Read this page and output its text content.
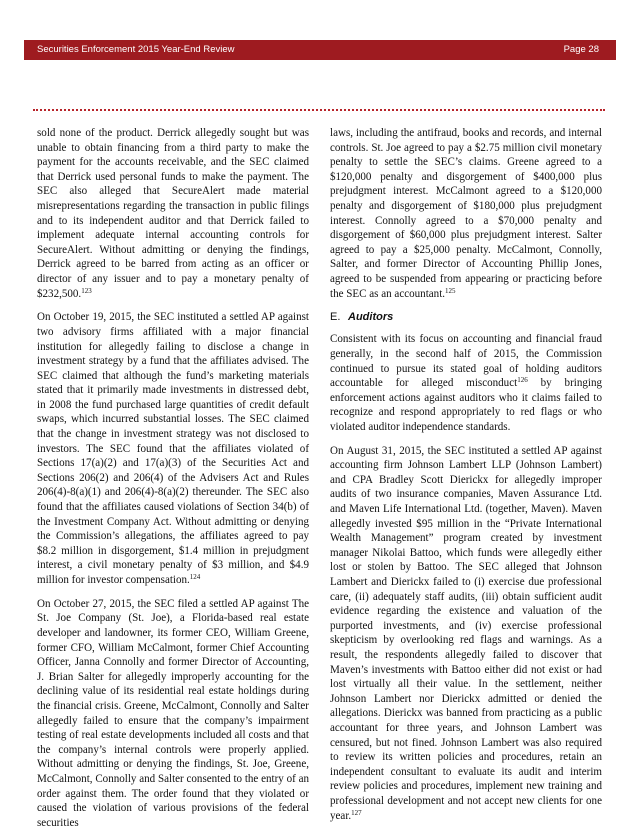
Securities Enforcement 2015 Year-End Review	Page 28

sold none of the product. Derrick allegedly sought but was unable to obtain financing from a third party to make the payment for the accounts receivable, and the SEC claimed that Derrick used personal funds to make the payment. The SEC also alleged that SecureAlert made material misrepresentations regarding the transaction in public filings and to its independent auditor and that Derrick failed to implement adequate internal accounting controls for SecureAlert. Without admitting or denying the findings, Derrick agreed to be barred from acting as an officer or director of any issuer and to pay a monetary penalty of $232,500.$^{123}$

On October 19, 2015, the SEC instituted a settled AP against two advisory firms affiliated with a major financial institution for allegedly failing to disclose a change in investment strategy by a fund that the affiliates advised. The SEC claimed that although the fund’s marketing materials stated that it primarily made investments in distressed debt, in 2008 the fund purchased large quantities of credit default swaps, which incurred substantial losses. The SEC claimed that the change in investment strategy was not disclosed to investors. The SEC found that the affiliates violated of Sections 17(a)(2) and 17(a)(3) of the Securities Act and Sections 206(2) and 206(4) of the Advisers Act and Rules 206(4)-8(a)(1) and 206(4)-8(a)(2) thereunder. The SEC also found that the affiliates caused violations of Section 34(b) of the Investment Company Act. Without admitting or denying the Commission’s allegations, the affiliates agreed to pay $8.2 million in disgorgement, $1.4 million in prejudgment interest, a civil monetary penalty of $3 million, and $4.9 million for investor compensation.$^{124}$

On October 27, 2015, the SEC filed a settled AP against The St. Joe Company (St. Joe), a Florida-based real estate developer and landowner, its former CEO, William Greene, former CFO, William McCalmont, former Chief Accounting Officer, Janna Connolly and former Director of Accounting, J. Brian Salter for allegedly improperly accounting for the declining value of its residential real estate holdings during the financial crisis. Greene, McCalmont, Connolly and Salter allegedly failed to ensure that the company’s impairment testing of real estate developments included all costs and that the company’s internal controls were properly applied. Without admitting or denying the findings, St. Joe, Greene, McCalmont, Connolly and Salter consented to the entry of an order against them. The order found that they violated or caused the violation of various provisions of the federal securities

laws, including the antifraud, books and records, and internal controls. St. Joe agreed to pay a $2.75 million civil monetary penalty to settle the SEC’s claims. Greene agreed to a $120,000 penalty and disgorgement of $400,000 plus prejudgment interest. McCalmont agreed to a $120,000 penalty and disgorgement of $180,000 plus prejudgment interest. Connolly agreed to a $70,000 penalty and disgorgement of $60,000 plus prejudgment interest. Salter agreed to pay a $25,000 penalty. McCalmont, Connolly, Salter, and former Director of Accounting Phillip Jones, agreed to be suspended from appearing or practicing before the SEC as an accountant.$^{125}$

E. Auditors

Consistent with its focus on accounting and financial fraud generally, in the second half of 2015, the Commission continued to pursue its stated goal of holding auditors accountable for alleged misconduct$^{126}$ by bringing enforcement actions against auditors who it claims failed to recognize and respond appropriately to red flags or who violated auditor independence standards.

On August 31, 2015, the SEC instituted a settled AP against accounting firm Johnson Lambert LLP (Johnson Lambert) and CPA Bradley Scott Dierickx for allegedly improper audits of two insurance companies, Maven Assurance Ltd. and Maven Life International Ltd. (together, Maven). Maven allegedly invested $95 million in the “Private International Wealth Management” program created by investment manager Nikolai Battoo, which funds were allegedly either lost or stolen by Battoo. The SEC alleged that Johnson Lambert and Dierickx failed to (i) exercise due professional care, (ii) adequately staff audits, (iii) obtain sufficient audit evidence regarding the existence and valuation of the purported investments, and (iv) exercise professional skepticism by overlooking red flags and warnings. As a result, the respondents allegedly failed to discover that Maven’s investments with Battoo either did not exist or had lost virtually all their value. In the settlement, neither Johnson Lambert nor Dierickx admitted or denied the allegations. Dierickx was banned from practicing as a public accountant for three years, and Johnson Lambert was censured, but not fined. Johnson Lambert was also required to review its written policies and procedures, retain an independent consultant to evaluate its audit and interim review policies and procedures, implement new training and professional development and not accept new clients for one year.$^{127}$
